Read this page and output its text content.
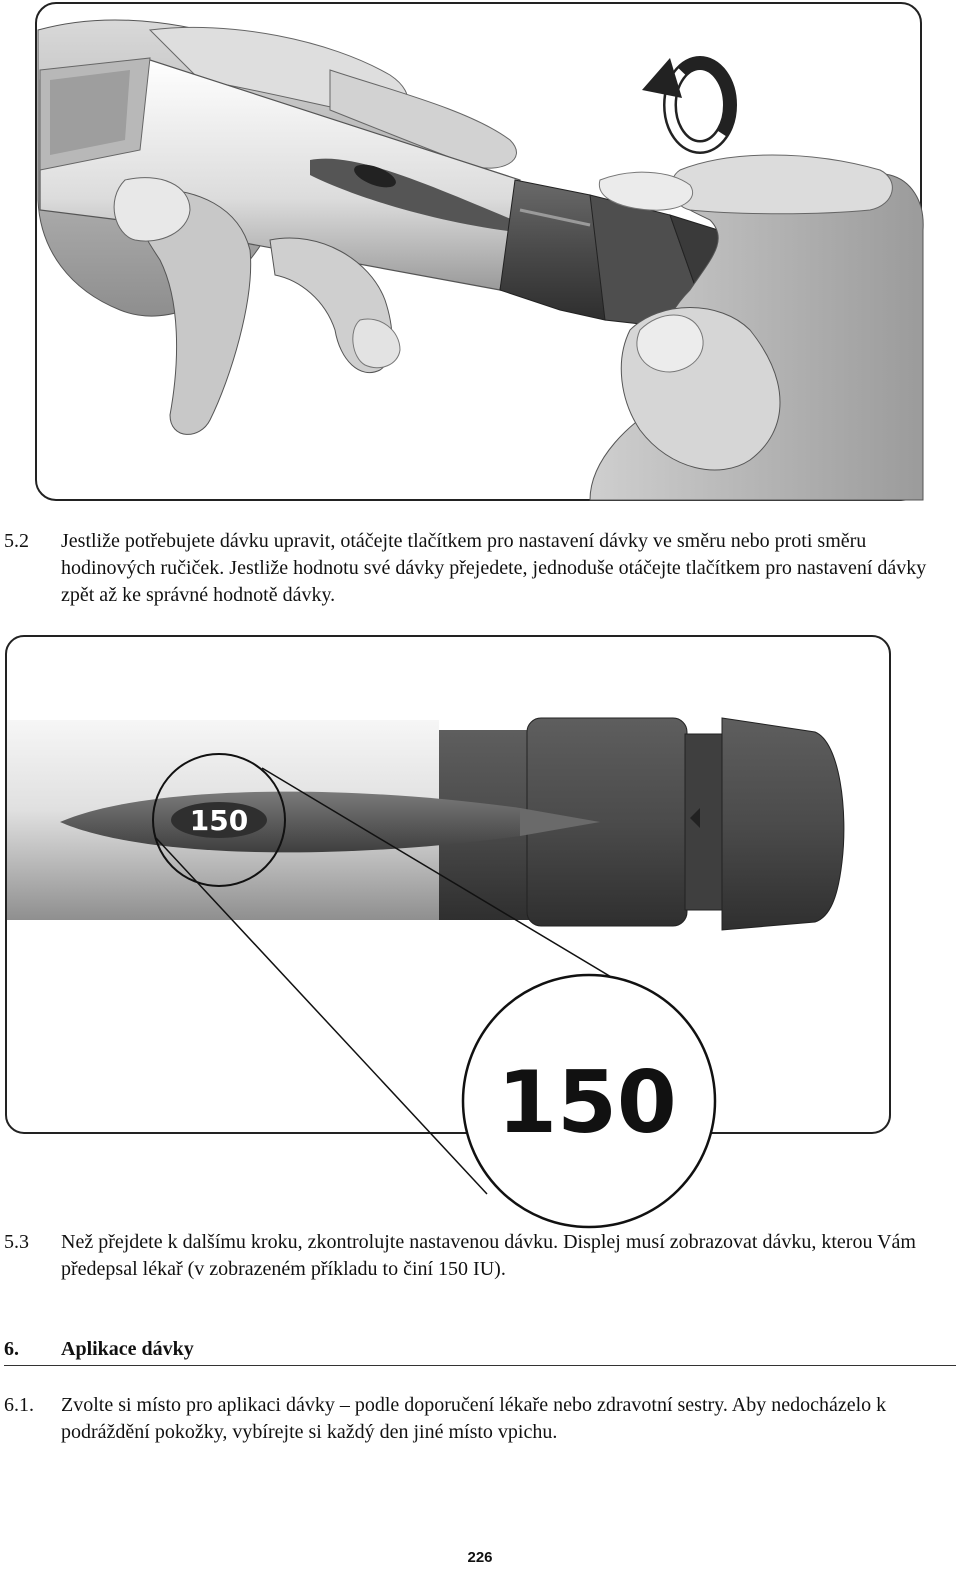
5.2 Jestliže potřebujete dávku upravit, otáčejte tlačítkem pro nastavení dávky ve směru nebo proti směru hodinových ručiček. Jestliže hodnotu své dávky přejedete, jednoduše otáčejte tlačítkem pro nastavení dávky zpět až ke správné hodnotě dávky.
150
150
5.3 Než přejdete k dalšímu kroku, zkontrolujte nastavenou dávku. Displej musí zobrazovat dávku, kterou Vám předepsal lékař (v zobrazeném příkladu to činí 150 IU).
6. Aplikace dávky
6.1. Zvolte si místo pro aplikaci dávky – podle doporučení lékaře nebo zdravotní sestry. Aby nedocházelo k podráždění pokožky, vybírejte si každý den jiné místo vpichu.
226
